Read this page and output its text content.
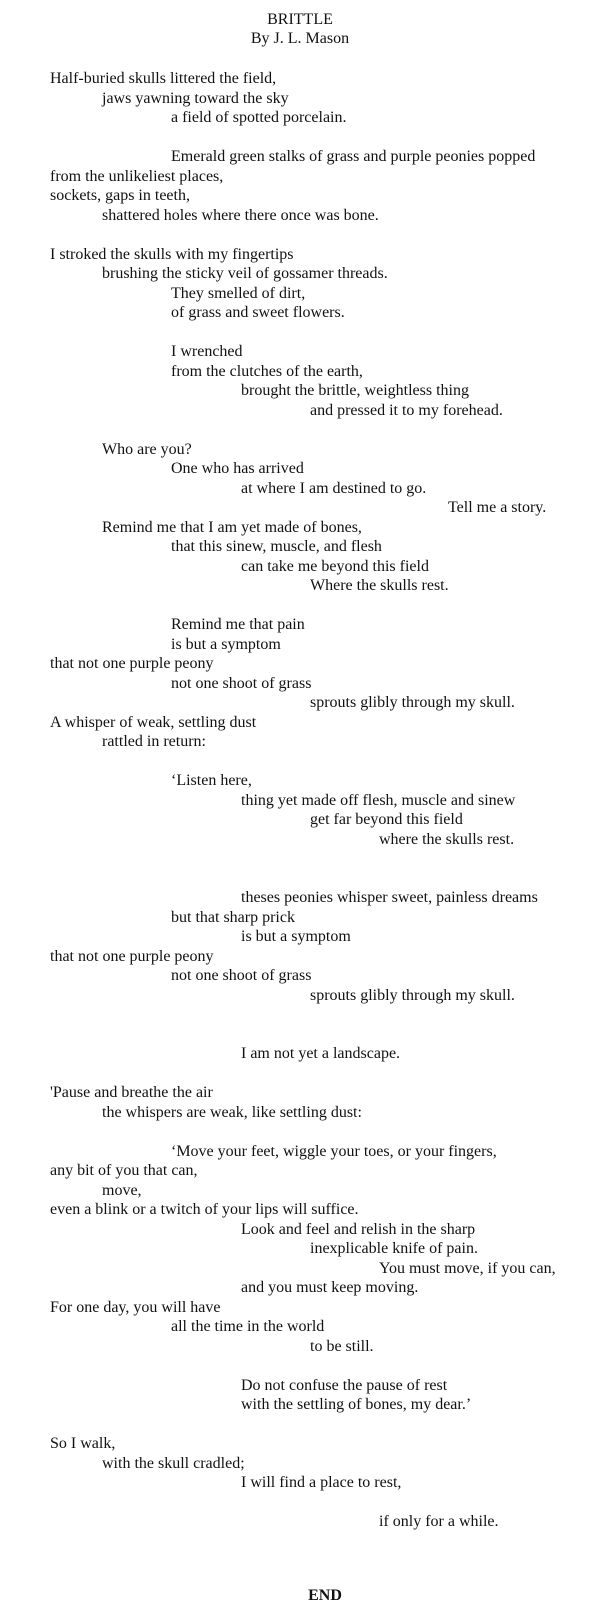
BRITTLE
By J. L. Mason
Half-buried skulls littered the field,
jaws yawning toward the sky
a field of spotted porcelain.
Emerald green stalks of grass and purple peonies popped
from the unlikeliest places,
sockets, gaps in teeth,
shattered holes where there once was bone.
I stroked the skulls with my fingertips
brushing the sticky veil of gossamer threads.
They smelled of dirt,
of grass and sweet flowers.
I wrenched
from the clutches of the earth,
brought the brittle, weightless thing
and pressed it to my forehead.
Who are you?
One who has arrived
at where I am destined to go.
Tell me a story.
Remind me that I am yet made of bones,
that this sinew, muscle, and flesh
can take me beyond this field
Where the skulls rest.
Remind me that pain
is but a symptom
that not one purple peony
not one shoot of grass
sprouts glibly through my skull.
A whisper of weak, settling dust
rattled in return:
‘Listen here,
thing yet made off flesh, muscle and sinew
get far beyond this field
where the skulls rest.
theses peonies whisper sweet, painless dreams
but that sharp prick
is but a symptom
that not one purple peony
not one shoot of grass
sprouts glibly through my skull.
I am not yet a landscape.
'Pause and breathe the air
the whispers are weak, like settling dust:
‘Move your feet, wiggle your toes, or your fingers,
any bit of you that can,
move,
even a blink or a twitch of your lips will suffice.
Look and feel and relish in the sharp
inexplicable knife of pain.
You must move, if you can,
and you must keep moving.
For one day, you will have
all the time in the world
to be still.
Do not confuse the pause of rest
with the settling of bones, my dear.’
So I walk,
with the skull cradled;
I will find a place to rest,
if only for a while.
END
